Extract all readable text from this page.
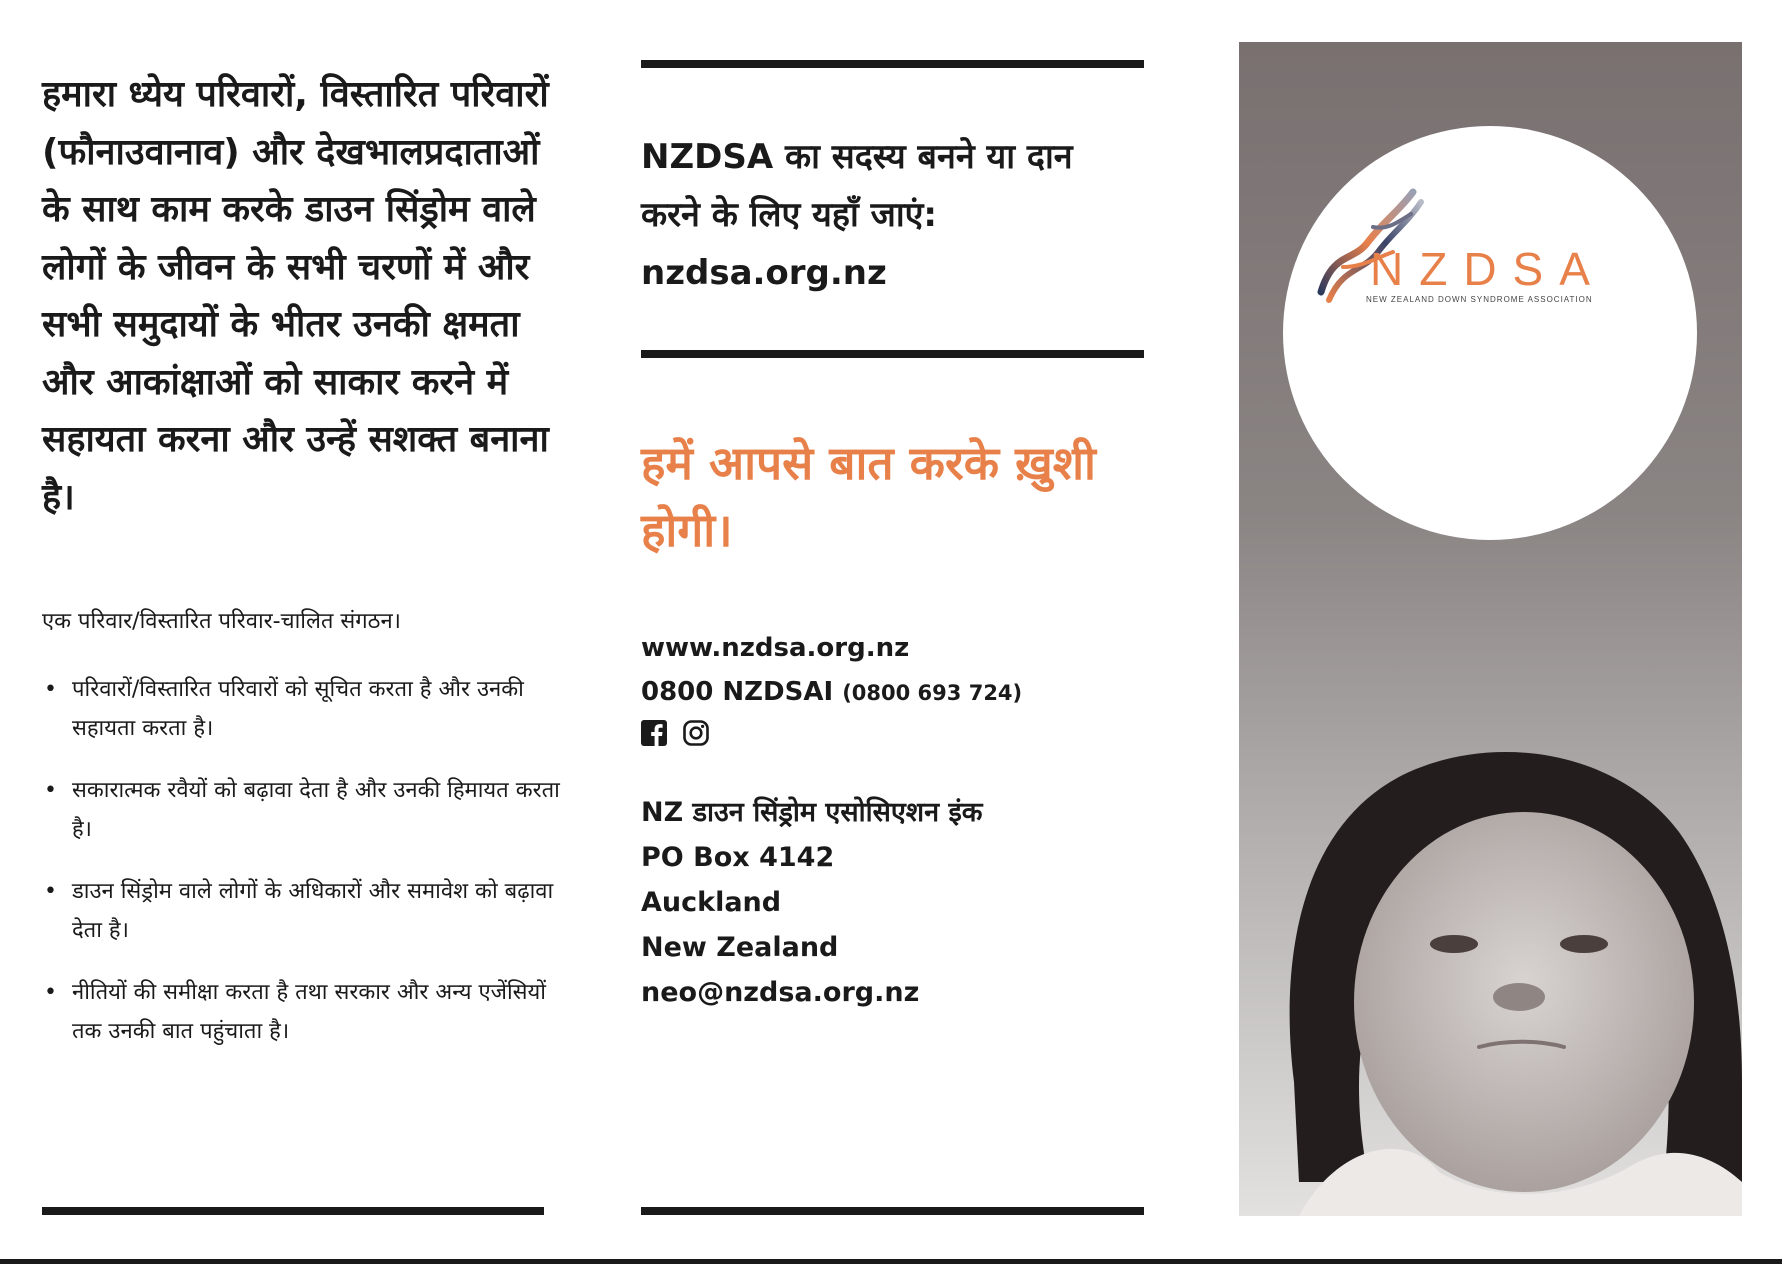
हमारा ध्येय परिवारों, विस्तारित परिवारों (फौनाउवानाव) और देखभालप्रदाताओं के साथ काम करके डाउन सिंड्रोम वाले लोगों के जीवन के सभी चरणों में और सभी समुदायों के भीतर उनकी क्षमता और आकांक्षाओं को साकार करने में सहायता करना और उन्हें सशक्त बनाना है।

एक परिवार/विस्तारित परिवार-चालित संगठन।

• परिवारों/विस्तारित परिवारों को सूचित करता है और उनकी सहायता करता है।
• सकारात्मक रवैयों को बढ़ावा देता है और उनकी हिमायत करता है।
• डाउन सिंड्रोम वाले लोगों के अधिकारों और समावेश को बढ़ावा देता है।
• नीतियों की समीक्षा करता है तथा सरकार और अन्य एजेंसियों तक उनकी बात पहुंचाता है।

NZDSA का सदस्य बनने या दान करने के लिए यहाँ जाएं: nzdsa.org.nz

हमें आपसे बात करके ख़ुशी होगी।

www.nzdsa.org.nz
0800 NZDSAI (0800 693 724)
NZ डाउन सिंड्रोम एसोसिएशन इंक
PO Box 4142
Auckland
New Zealand
neo@nzdsa.org.nz
NZDSA
NEW ZEALAND DOWN SYNDROME ASSOCIATION
